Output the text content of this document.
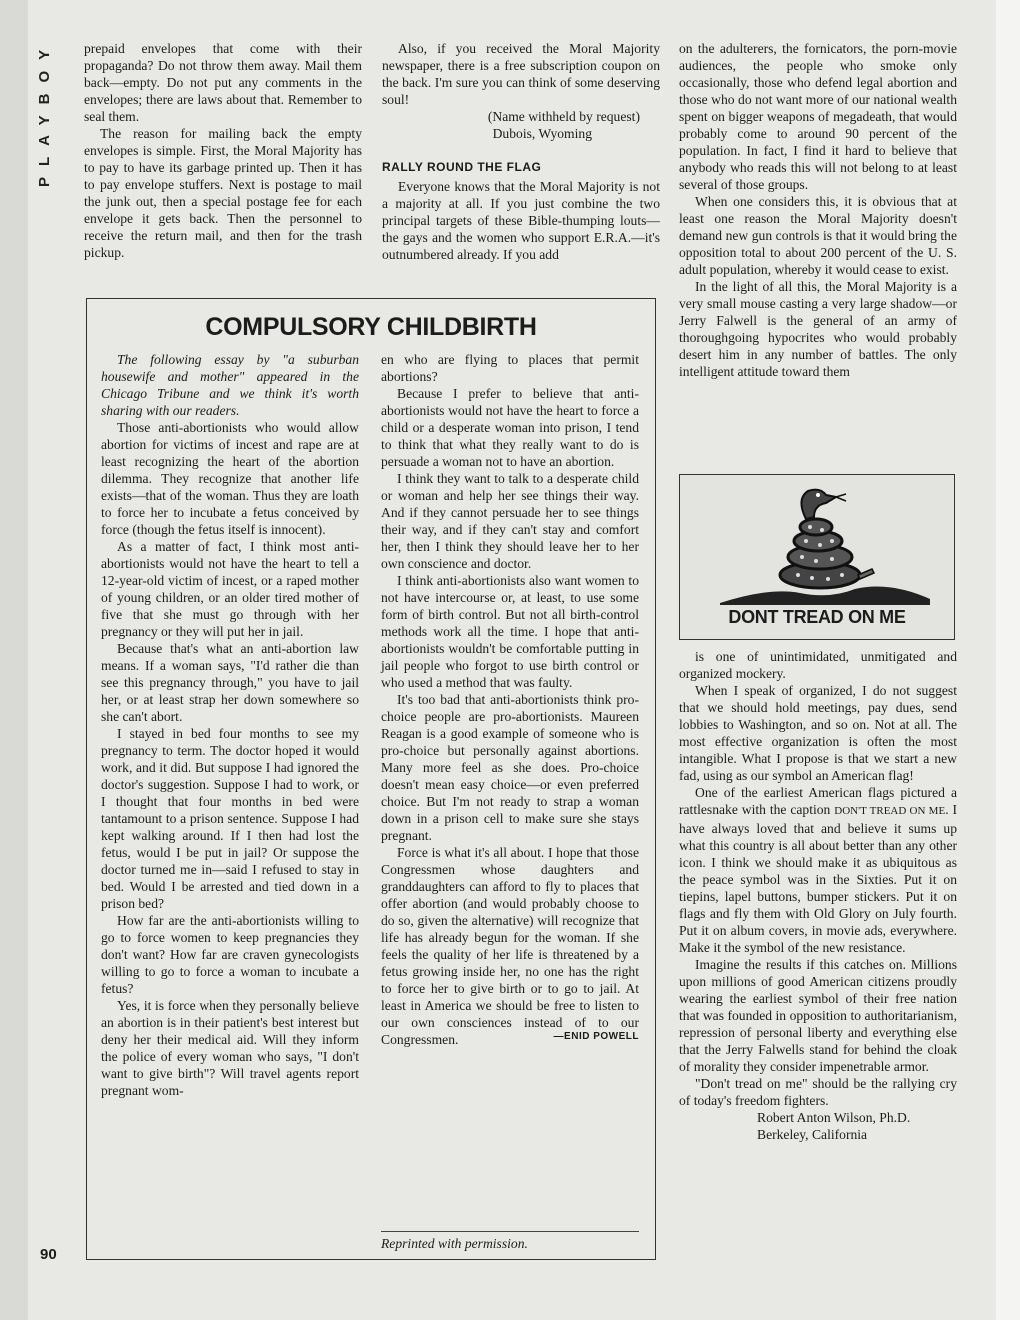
PLAYBOY
90

prepaid envelopes that come with their propaganda? Do not throw them away. Mail them back—empty. Do not put any comments in the envelopes; there are laws about that. Remember to seal them.

The reason for mailing back the empty envelopes is simple. First, the Moral Majority has to pay to have its garbage printed up. Then it has to pay envelope stuffers. Next is postage to mail the junk out, then a special postage fee for each envelope it gets back. Then the personnel to receive the return mail, and then for the trash pickup.

Also, if you received the Moral Majority newspaper, there is a free subscription coupon on the back. I'm sure you can think of some deserving soul!

(Name withheld by request)

Dubois, Wyoming

RALLY ROUND THE FLAG

Everyone knows that the Moral Majority is not a majority at all. If you just combine the two principal targets of these Bible-thumping louts—the gays and the women who support E.R.A.—it's outnumbered already. If you add

on the adulterers, the fornicators, the porn-movie audiences, the people who smoke only occasionally, those who defend legal abortion and those who do not want more of our national wealth spent on bigger weapons of megadeath, that would probably come to around 90 percent of the population. In fact, I find it hard to believe that anybody who reads this will not belong to at least several of those groups.

When one considers this, it is obvious that at least one reason the Moral Majority doesn't demand new gun controls is that it would bring the opposition total to about 200 percent of the U. S. adult population, whereby it would cease to exist.

In the light of all this, the Moral Majority is a very small mouse casting a very large shadow—or Jerry Falwell is the general of an army of thoroughgoing hypocrites who would probably desert him in any number of battles. The only intelligent attitude toward them

DONT TREAD ON ME

is one of unintimidated, unmitigated and organized mockery.

When I speak of organized, I do not suggest that we should hold meetings, pay dues, send lobbies to Washington, and so on. Not at all. The most effective organization is often the most intangible. What I propose is that we start a new fad, using as our symbol an American flag!

One of the earliest American flags pictured a rattlesnake with the caption DON'T TREAD ON ME. I have always loved that and believe it sums up what this country is all about better than any other icon. I think we should make it as ubiquitous as the peace symbol was in the Sixties. Put it on tiepins, lapel buttons, bumper stickers. Put it on flags and fly them with Old Glory on July fourth. Put it on album covers, in movie ads, everywhere. Make it the symbol of the new resistance.

Imagine the results if this catches on. Millions upon millions of good American citizens proudly wearing the earliest symbol of their free nation that was founded in opposition to authoritarianism, repression of personal liberty and everything else that the Jerry Falwells stand for behind the cloak of morality they consider impenetrable armor.

"Don't tread on me" should be the rallying cry of today's freedom fighters.

Robert Anton Wilson, Ph.D.

Berkeley, California

COMPULSORY CHILDBIRTH

The following essay by "a suburban housewife and mother" appeared in the Chicago Tribune and we think it's worth sharing with our readers.

Those anti-abortionists who would allow abortion for victims of incest and rape are at least recognizing the heart of the abortion dilemma. They recognize that another life exists—that of the woman. Thus they are loath to force her to incubate a fetus conceived by force (though the fetus itself is innocent).

As a matter of fact, I think most anti-abortionists would not have the heart to tell a 12-year-old victim of incest, or a raped mother of young children, or an older tired mother of five that she must go through with her pregnancy or they will put her in jail.

Because that's what an anti-abortion law means. If a woman says, "I'd rather die than see this pregnancy through," you have to jail her, or at least strap her down somewhere so she can't abort.

I stayed in bed four months to see my pregnancy to term. The doctor hoped it would work, and it did. But suppose I had ignored the doctor's suggestion. Suppose I had to work, or I thought that four months in bed were tantamount to a prison sentence. Suppose I had kept walking around. If I then had lost the fetus, would I be put in jail? Or suppose the doctor turned me in—said I refused to stay in bed. Would I be arrested and tied down in a prison bed?

How far are the anti-abortionists willing to go to force women to keep pregnancies they don't want? How far are craven gynecologists willing to go to force a woman to incubate a fetus?

Yes, it is force when they personally believe an abortion is in their patient's best interest but deny her their medical aid. Will they inform the police of every woman who says, "I don't want to give birth"? Will travel agents report pregnant wom-

en who are flying to places that permit abortions?

Because I prefer to believe that anti-abortionists would not have the heart to force a child or a desperate woman into prison, I tend to think that what they really want to do is persuade a woman not to have an abortion.

I think they want to talk to a desperate child or woman and help her see things their way. And if they cannot persuade her to see things their way, and if they can't stay and comfort her, then I think they should leave her to her own conscience and doctor.

I think anti-abortionists also want women to not have intercourse or, at least, to use some form of birth control. But not all birth-control methods work all the time. I hope that anti-abortionists wouldn't be comfortable putting in jail people who forgot to use birth control or who used a method that was faulty.

It's too bad that anti-abortionists think pro-choice people are pro-abortionists. Maureen Reagan is a good example of someone who is pro-choice but personally against abortions. Many more feel as she does. Pro-choice doesn't mean easy choice—or even preferred choice. But I'm not ready to strap a woman down in a prison cell to make sure she stays pregnant.

Force is what it's all about. I hope that those Congressmen whose daughters and granddaughters can afford to fly to places that offer abortion (and would probably choose to do so, given the alternative) will recognize that life has already begun for the woman. If she feels the quality of her life is threatened by a fetus growing inside her, no one has the right to force her to give birth or to go to jail. At least in America we should be free to listen to our own consciences instead of to our Congressmen.	—ENID POWELL
Reprinted with permission.
